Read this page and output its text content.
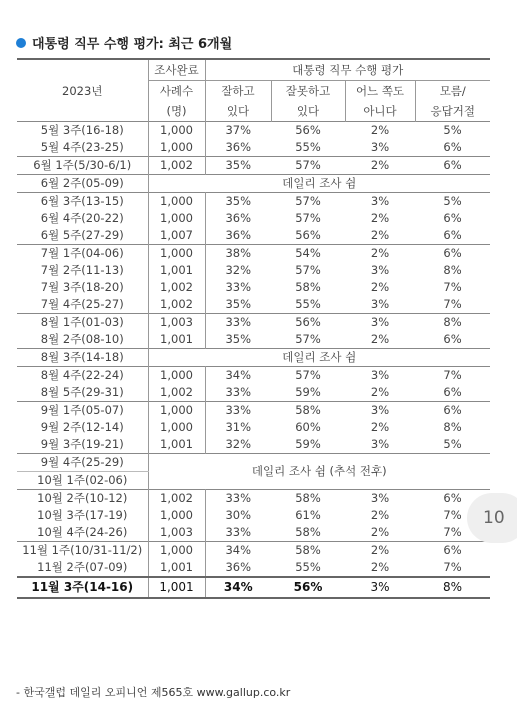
대통령 직무 수행 평가: 최근 6개월
2023년	조사완료	대통령 직무 수행 평가			
	사례수	잘하고	잘못하고	어느 쪽도	모름/
	(명)	있다	있다	아니다	응답거절
5월 3주(16-18)	1,000	37%	56%	2%	5%
5월 4주(23-25)	1,000	36%	55%	3%	6%
6월 1주(5/30-6/1)	1,002	35%	57%	2%	6%
6월 2주(05-09)	데일리 조사 쉼				
6월 3주(13-15)	1,000	35%	57%	3%	5%
6월 4주(20-22)	1,000	36%	57%	2%	6%
6월 5주(27-29)	1,007	36%	56%	2%	6%
7월 1주(04-06)	1,000	38%	54%	2%	6%
7월 2주(11-13)	1,001	32%	57%	3%	8%
7월 3주(18-20)	1,002	33%	58%	2%	7%
7월 4주(25-27)	1,002	35%	55%	3%	7%
8월 1주(01-03)	1,003	33%	56%	3%	8%
8월 2주(08-10)	1,001	35%	57%	2%	6%
8월 3주(14-18)	데일리 조사 쉼				
8월 4주(22-24)	1,000	34%	57%	3%	7%
8월 5주(29-31)	1,002	33%	59%	2%	6%
9월 1주(05-07)	1,000	33%	58%	3%	6%
9월 2주(12-14)	1,000	31%	60%	2%	8%
9월 3주(19-21)	1,001	32%	59%	3%	5%
9월 4주(25-29)	데일리 조사 쉼 (추석 전후)				
10월 1주(02-06)					
10월 2주(10-12)	1,002	33%	58%	3%	6%
10월 3주(17-19)	1,000	30%	61%	2%	7%
10월 4주(24-26)	1,003	33%	58%	2%	7%
11월 1주(10/31-11/2)	1,000	34%	58%	2%	6%
11월 2주(07-09)	1,001	36%	55%	2%	7%
11월 3주(14-16)	1,001	34%	56%	3%	8%
- 한국갤럽 데일리 오피니언 제565호 www.gallup.co.kr
10
